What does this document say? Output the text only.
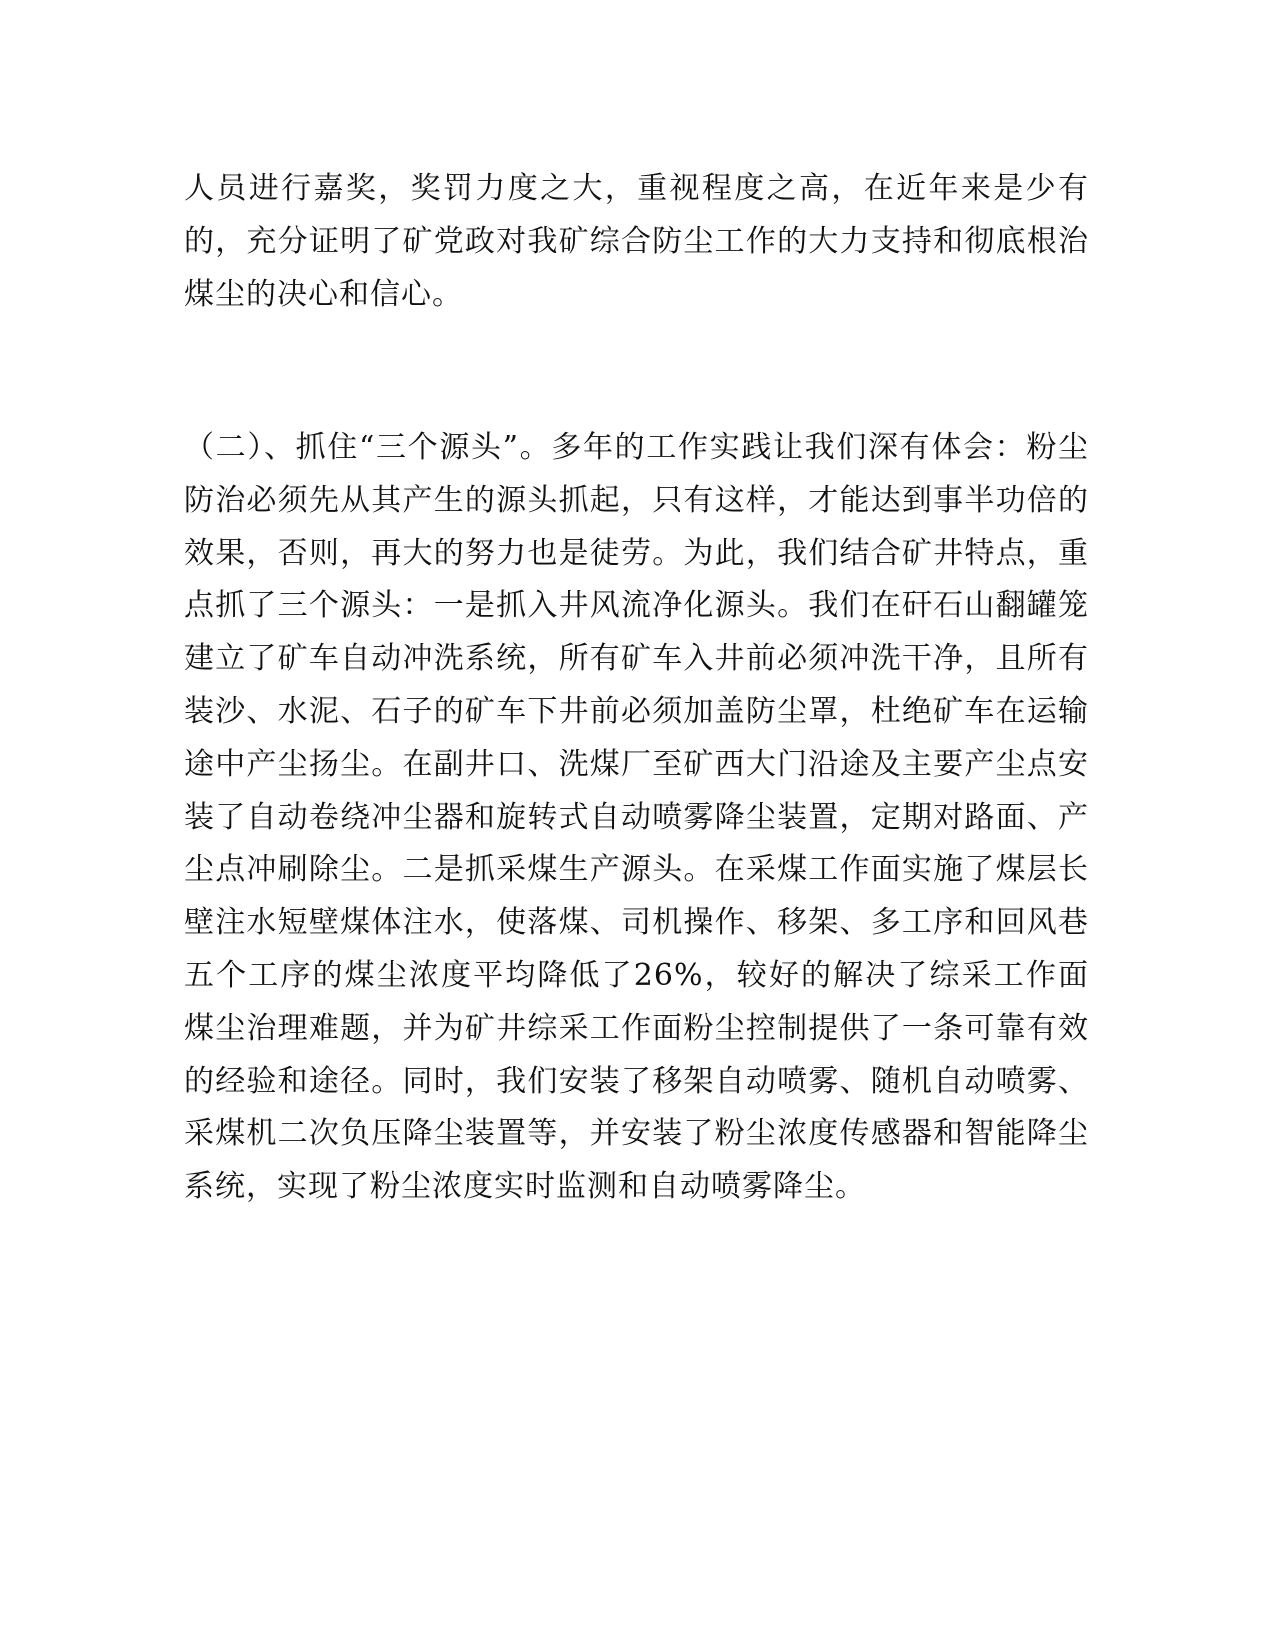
人员进行嘉奖，奖罚力度之大，重视程度之高，在近年来是少有的，充分证明了矿党政对我矿综合防尘工作的大力支持和彻底根治煤尘的决心和信心。

（二）、抓住“三个源头”。多年的工作实践让我们深有体会：粉尘防治必须先从其产生的源头抓起，只有这样，才能达到事半功倍的效果，否则，再大的努力也是徒劳。为此，我们结合矿井特点，重点抓了三个源头：一是抓入井风流净化源头。我们在矸石山翻罐笼建立了矿车自动冲洗系统，所有矿车入井前必须冲洗干净，且所有装沙、水泥、石子的矿车下井前必须加盖防尘罩，杜绝矿车在运输途中产尘扬尘。在副井口、洗煤厂至矿西大门沿途及主要产尘点安装了自动卷绕冲尘器和旋转式自动喷雾降尘装置，定期对路面、产尘点冲刷除尘。二是抓采煤生产源头。在采煤工作面实施了煤层长壁注水短壁煤体注水，使落煤、司机操作、移架、多工序和回风巷五个工序的煤尘浓度平均降低了26%，较好的解决了综采工作面煤尘治理难题，并为矿井综采工作面粉尘控制提供了一条可靠有效的经验和途径。同时，我们安装了移架自动喷雾、随机自动喷雾、采煤机二次负压降尘装置等，并安装了粉尘浓度传感器和智能降尘系统，实现了粉尘浓度实时监测和自动喷雾降尘。
